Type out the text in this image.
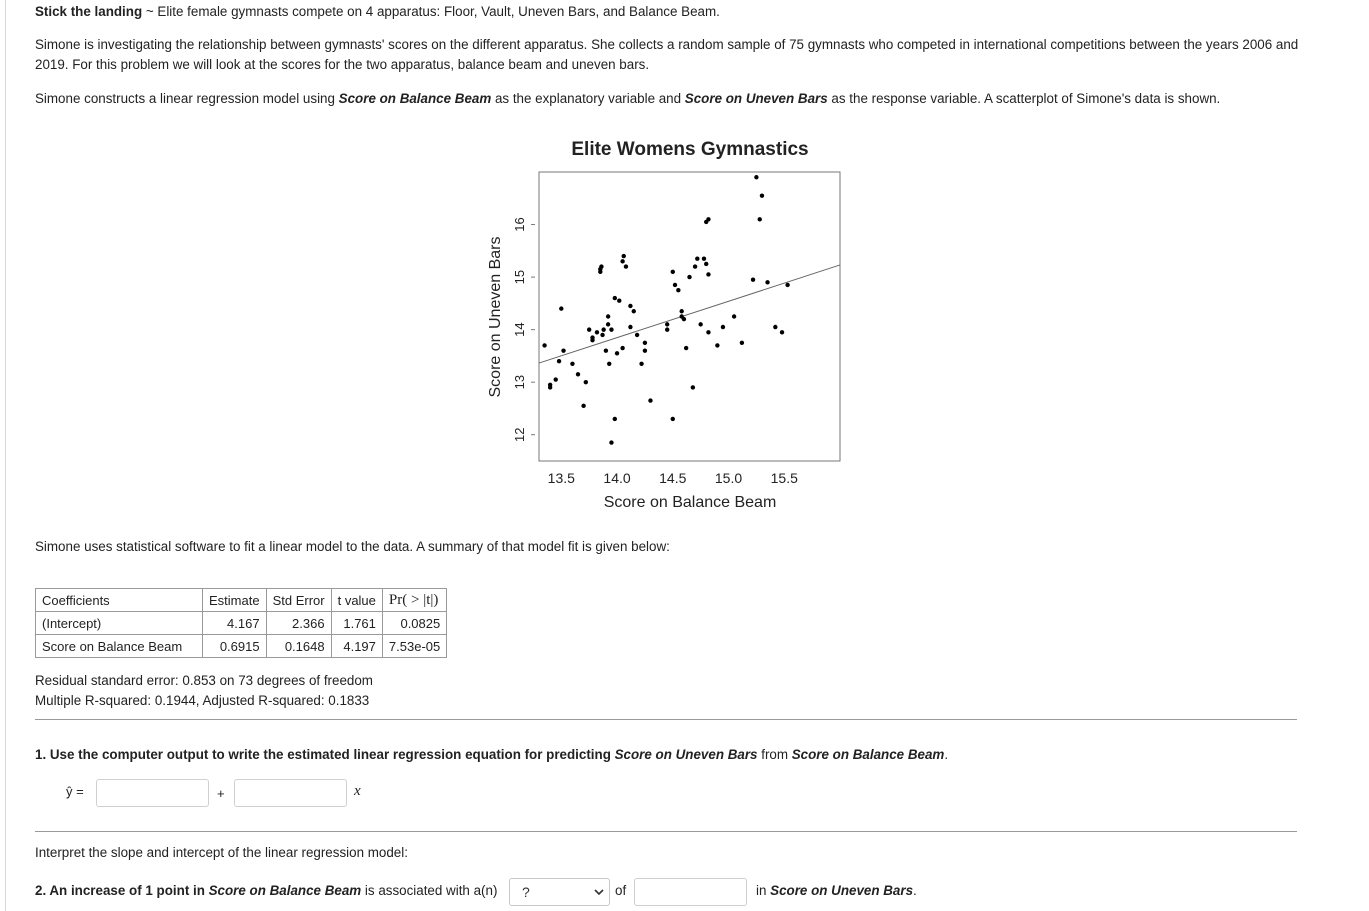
Stick the landing ~ Elite female gymnasts compete on 4 apparatus: Floor, Vault, Uneven Bars, and Balance Beam.
Simone is investigating the relationship between gymnasts' scores on the different apparatus. She collects a random sample of 75 gymnasts who competed in international competitions between the years 2006 and 2019. For this problem we will look at the scores for the two apparatus, balance beam and uneven bars.
Simone constructs a linear regression model using Score on Balance Beam as the explanatory variable and Score on Uneven Bars as the response variable. A scatterplot of Simone's data is shown.
Elite Womens Gymnastics
13.5 14.0 14.5 15.0 15.5
12
13
14
15
16
Score on Balance Beam
Score on Uneven Bars
Simone uses statistical software to fit a linear model to the data. A summary of that model fit is given below:
Coefficients	Estimate	Std Error	t value	Pr( > |t|)
(Intercept)	4.167	2.366	1.761	0.0825
Score on Balance Beam	0.6915	0.1648	4.197	7.53e-05
Residual standard error: 0.853 on 73 degrees of freedom
Multiple R-squared: 0.1944, Adjusted R-squared: 0.1833
1. Use the computer output to write the estimated linear regression equation for predicting Score on Uneven Bars from Score on Balance Beam.
ŷ =	+	x
Interpret the slope and intercept of the linear regression model:
2. An increase of 1 point in Score on Balance Beam is associated with a(n) ?	of	in Score on Uneven Bars.
